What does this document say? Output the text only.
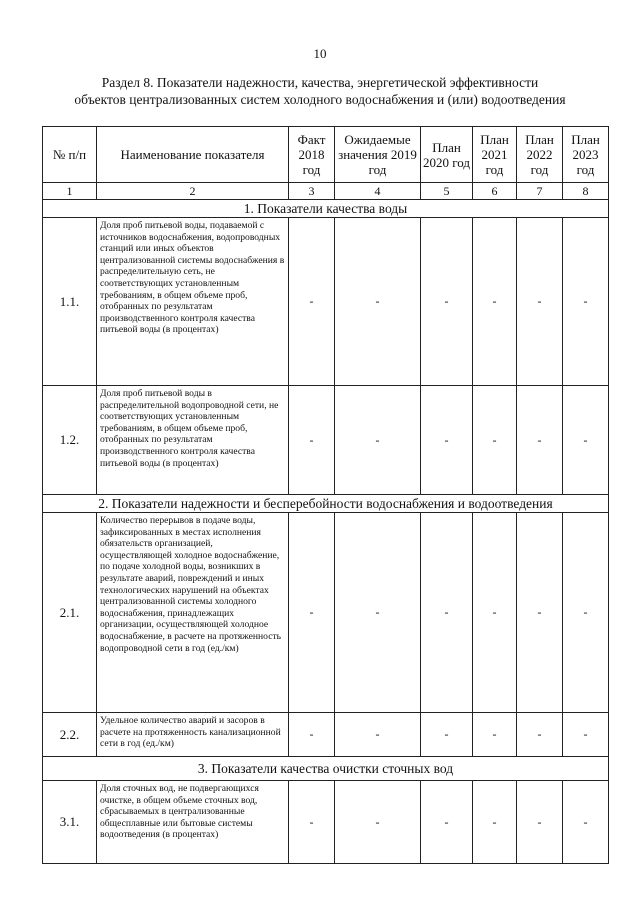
10
Раздел 8. Показатели надежности, качества, энергетической эффективности
объектов централизованных систем холодного водоснабжения и (или) водоотведения
№ п/п	Наименование показателя	Факт 2018 год	Ожидаемые значения 2019 год	План 2020 год	План 2021 год	План 2022 год	План 2023 год
1	2	3	4	5	6	7	8
1. Показатели качества воды							
1.1.	Доля проб питьевой воды, подаваемой с источников водоснабжения, водопроводных станций или иных объектов централизованной системы водоснабжения в распределительную сеть, не соответствующих установленным требованиям, в общем объеме проб, отобранных по результатам производственного контроля качества питьевой воды (в процентах)	-	-	-	-	-	-
1.2.	Доля проб питьевой воды в распределительной водопроводной сети, не соответствующих установленным требованиям, в общем объеме проб, отобранных по результатам производственного контроля качества питьевой воды (в процентах)	-	-	-	-	-	-
2. Показатели надежности и бесперебойности водоснабжения и водоотведения							
2.1.	Количество перерывов в подаче воды, зафиксированных в местах исполнения обязательств организацией, осуществляющей холодное водоснабжение, по подаче холодной воды, возникших в результате аварий, повреждений и иных технологических нарушений на объектах централизованной системы холодного водоснабжения, принадлежащих организации, осуществляющей холодное водоснабжение, в расчете на протяженность водопроводной сети в год (ед./км)	-	-	-	-	-	-
2.2.	Удельное количество аварий и засоров в расчете на протяженность канализационной сети в год (ед./км)	-	-	-	-	-	-
3. Показатели качества очистки сточных вод							
3.1.	Доля сточных вод, не подвергающихся очистке, в общем объеме сточных вод, сбрасываемых в централизованные общесплавные или бытовые системы водоотведения (в процентах)	-	-	-	-	-	-
